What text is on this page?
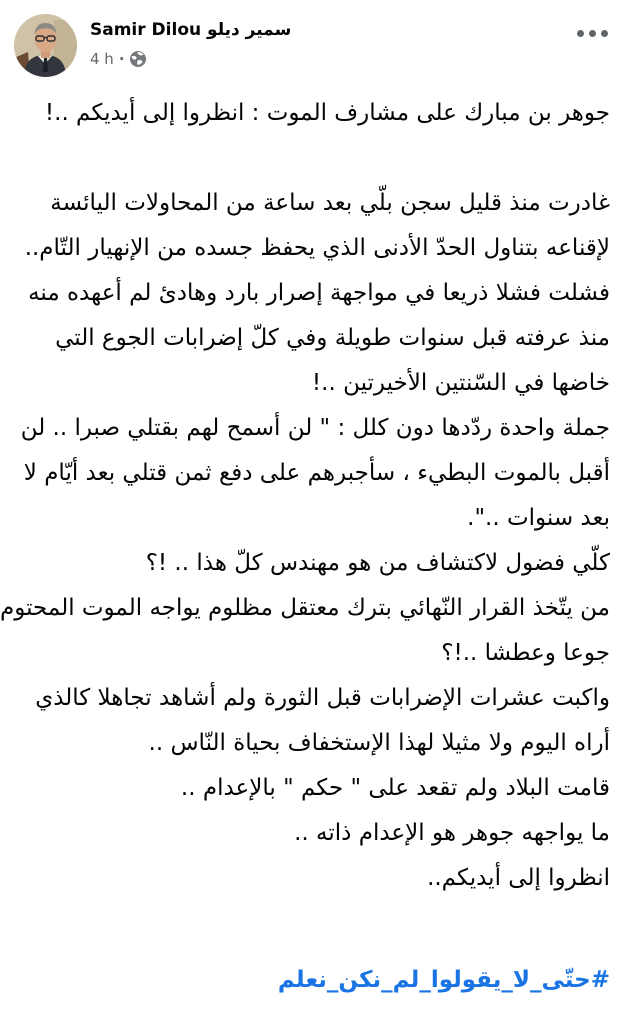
Samir Dilou سمير ديلو
4 h ·
جوهر بن مبارك على مشارف الموت : انظروا إلى أيديكم ..!

غادرت منذ قليل سجن بلّي بعد ساعة من المحاولات اليائسة
لإقناعه بتناول الحدّ الأدنى الذي يحفظ جسده من الإنهيار التّام..
فشلت فشلا ذريعا في مواجهة إصرار بارد وهادئ لم أعهده منه
منذ عرفته قبل سنوات طويلة وفي كلّ إضرابات الجوع التي
خاضها في السّنتين الأخيرتين ..!
جملة واحدة ردّدها دون كلل : " لن أسمح لهم بقتلي صبرا .. لن
أقبل بالموت البطيء ، سأجبرهم على دفع ثمن قتلي بعد أيّام لا
بعد سنوات ..".
كلّي فضول لاكتشاف من هو مهندس كلّ هذا .. !؟
من يتّخذ القرار النّهائي بترك معتقل مظلوم يواجه الموت المحتوم
جوعا وعطشا ..!؟
واكبت عشرات الإضرابات قبل الثورة ولم أشاهد تجاهلا كالذي
أراه اليوم ولا مثيلا لهذا الإستخفاف بحياة النّاس ..
قامت البلاد ولم تقعد على " حكم " بالإعدام ..
ما يواجهه جوهر هو الإعدام ذاته ..
انظروا إلى أيديكم..

#حتّى_لا_يقولوا_لم_نكن_نعلم
